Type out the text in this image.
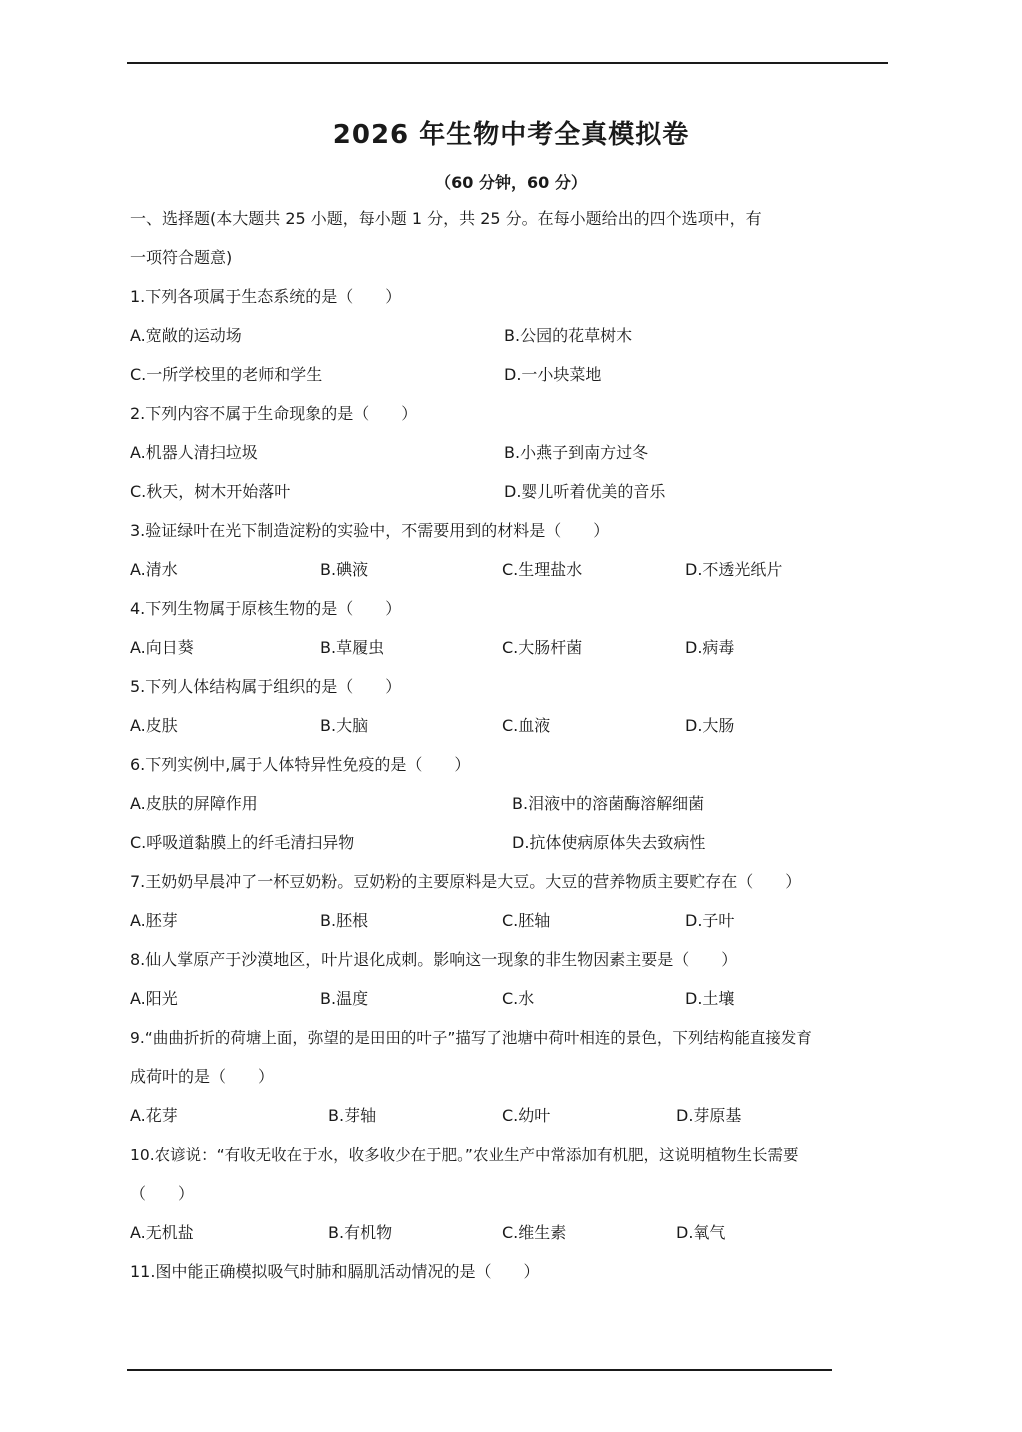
2026 年生物中考全真模拟卷
（60 分钟，60 分）
一、选择题(本大题共 25 小题，每小题 1 分，共 25 分。在每小题给出的四个选项中，有
一项符合题意)
1.下列各项属于生态系统的是（　　）
A.宽敞的运动场	B.公园的花草树木
C.一所学校里的老师和学生	D.一小块菜地
2.下列内容不属于生命现象的是（　　）
A.机器人清扫垃圾	B.小燕子到南方过冬
C.秋天，树木开始落叶	D.婴儿听着优美的音乐
3.验证绿叶在光下制造淀粉的实验中，不需要用到的材料是（　　）
A.清水	B.碘液	C.生理盐水	D.不透光纸片
4.下列生物属于原核生物的是（　　）
A.向日葵	B.草履虫	C.大肠杆菌	D.病毒
5.下列人体结构属于组织的是（　　）
A.皮肤	B.大脑	C.血液	D.大肠
6.下列实例中,属于人体特异性免疫的是（　　）
A.皮肤的屏障作用	B.泪液中的溶菌酶溶解细菌
C.呼吸道黏膜上的纤毛清扫异物	D.抗体使病原体失去致病性
7.王奶奶早晨冲了一杯豆奶粉。豆奶粉的主要原料是大豆。大豆的营养物质主要贮存在（　　）
A.胚芽	B.胚根	C.胚轴	D.子叶
8.仙人掌原产于沙漠地区，叶片退化成刺。影响这一现象的非生物因素主要是（　　）
A.阳光	B.温度	C.水	D.土壤
9.“曲曲折折的荷塘上面，弥望的是田田的叶子”描写了池塘中荷叶相连的景色，下列结构能直接发育
成荷叶的是（　　）
A.花芽	B.芽轴	C.幼叶	D.芽原基
10.农谚说：“有收无收在于水，收多收少在于肥。”农业生产中常添加有机肥，这说明植物生长需要
（　　）
A.无机盐	B.有机物	C.维生素	D.氧气
11.图中能正确模拟吸气时肺和膈肌活动情况的是（　　）
